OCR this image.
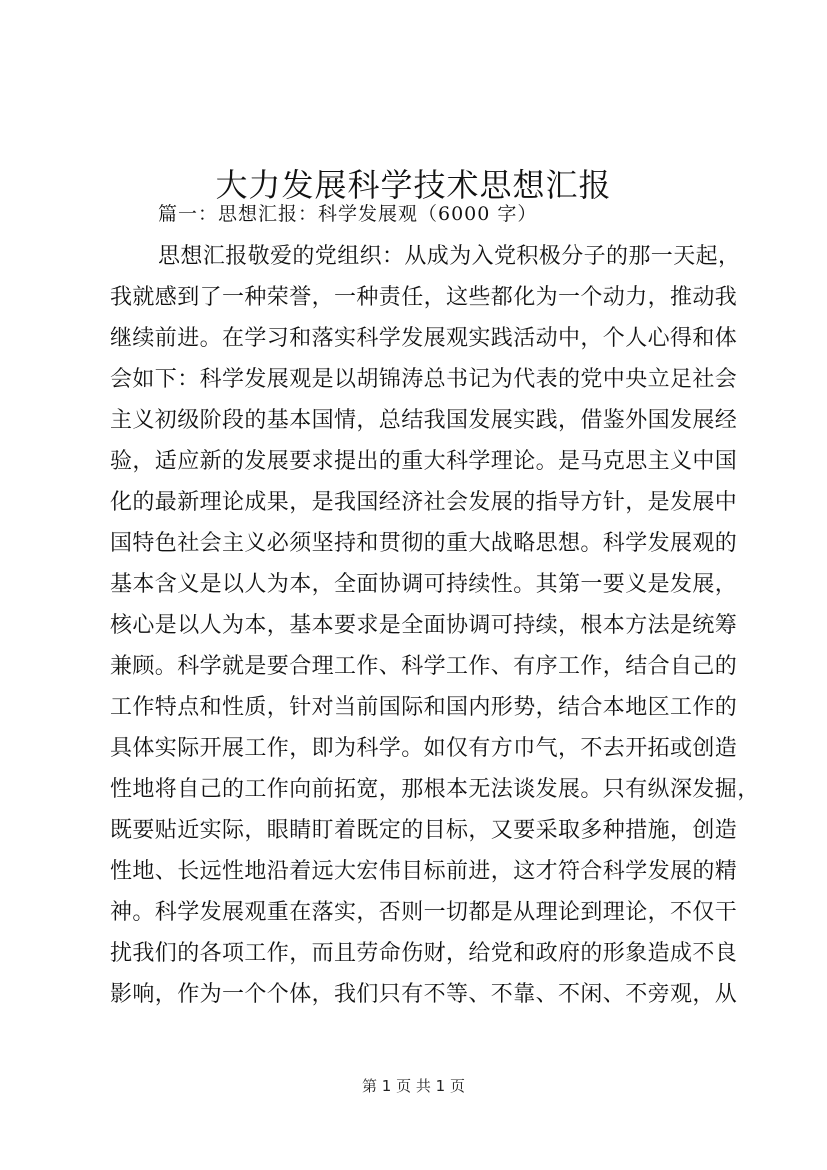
大力发展科学技术思想汇报
篇一：思想汇报：科学发展观（6000 字）
思想汇报敬爱的党组织：从成为入党积极分子的那一天起，
我就感到了一种荣誉，一种责任，这些都化为一个动力，推动我
继续前进。在学习和落实科学发展观实践活动中，个人心得和体
会如下：科学发展观是以胡锦涛总书记为代表的党中央立足社会
主义初级阶段的基本国情，总结我国发展实践，借鉴外国发展经
验，适应新的发展要求提出的重大科学理论。是马克思主义中国
化的最新理论成果，是我国经济社会发展的指导方针，是发展中
国特色社会主义必须坚持和贯彻的重大战略思想。科学发展观的
基本含义是以人为本，全面协调可持续性。其第一要义是发展，
核心是以人为本，基本要求是全面协调可持续，根本方法是统筹
兼顾。科学就是要合理工作、科学工作、有序工作，结合自己的
工作特点和性质，针对当前国际和国内形势，结合本地区工作的
具体实际开展工作，即为科学。如仅有方巾气，不去开拓或创造
性地将自己的工作向前拓宽，那根本无法谈发展。只有纵深发掘，
既要贴近实际，眼睛盯着既定的目标，又要采取多种措施，创造
性地、长远性地沿着远大宏伟目标前进，这才符合科学发展的精
神。科学发展观重在落实，否则一切都是从理论到理论，不仅干
扰我们的各项工作，而且劳命伤财，给党和政府的形象造成不良
影响，作为一个个体，我们只有不等、不靠、不闲、不旁观，从
第 1 页 共 1 页
